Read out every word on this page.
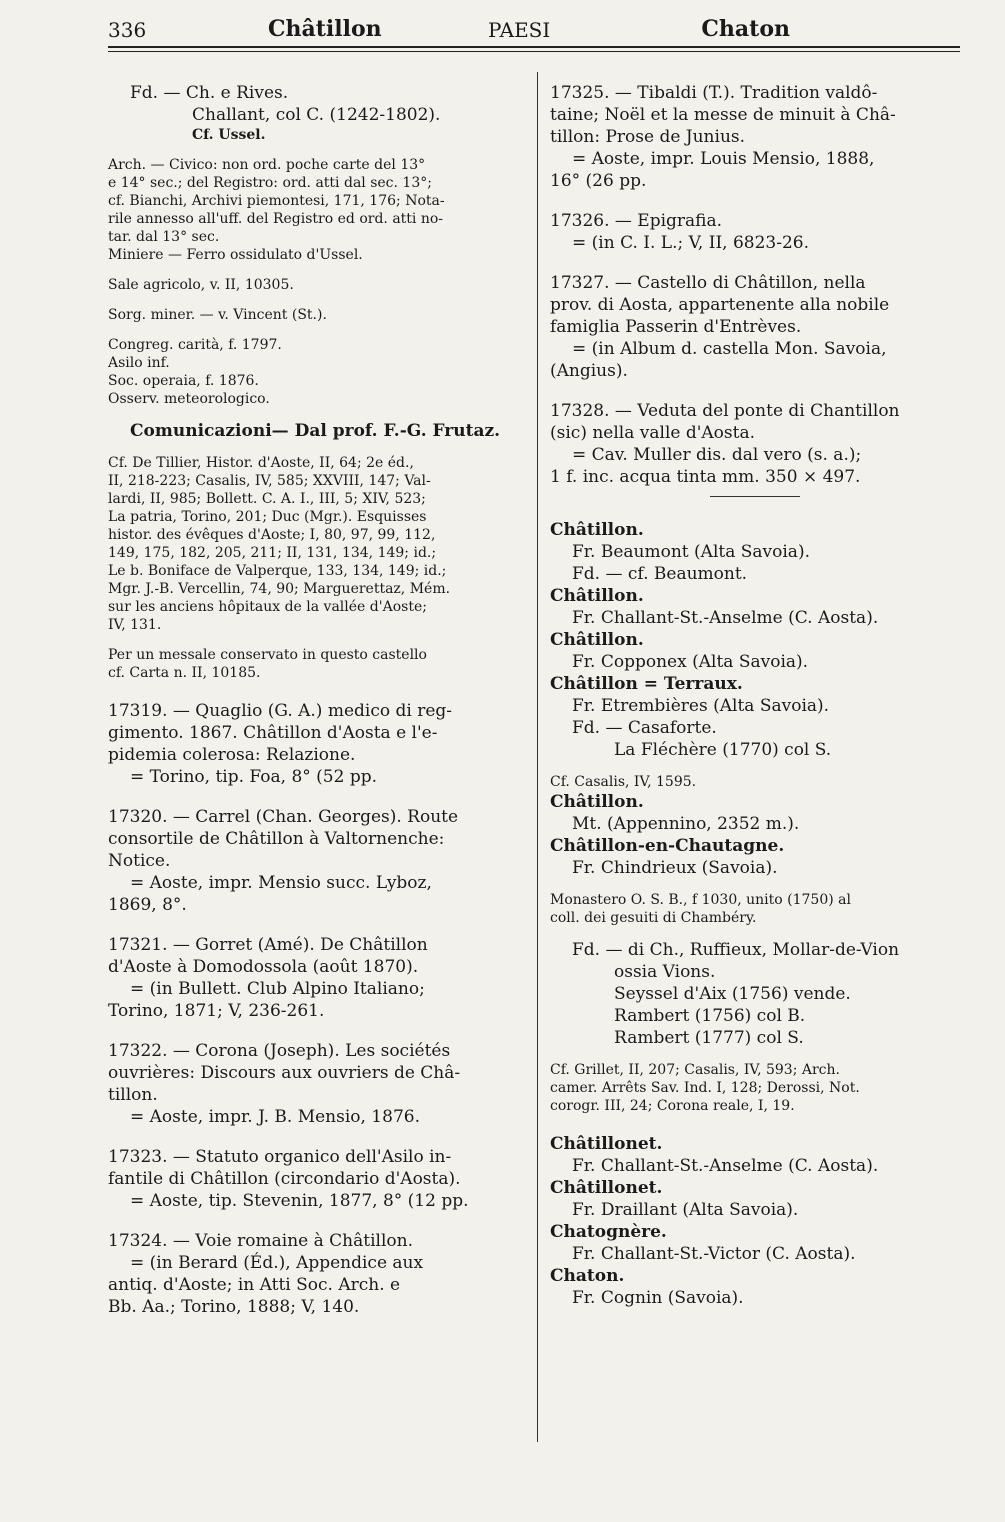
336	Châtillon	PAESI	Chaton
Fd. — Ch. e Rives.
Challant, col C. (1242-1802).
Cf. Ussel.
Arch. — Civico: non ord. poche carte del 13°
e 14° sec.; del Registro: ord. atti dal sec. 13°;
cf. Bianchi, Archivi piemontesi, 171, 176; Nota-
rile annesso all'uff. del Registro ed ord. atti no-
tar. dal 13° sec.
Miniere — Ferro ossidulato d'Ussel.
Sale agricolo, v. II, 10305.
Sorg. miner. — v. Vincent (St.).
Congreg. carità, f. 1797.
Asilo inf.
Soc. operaia, f. 1876.
Osserv. meteorologico.
Comunicazioni— Dal prof. F.-G. Frutaz.
Cf. De Tillier, Histor. d'Aoste, II, 64; 2e éd.,
II, 218-223; Casalis, IV, 585; XXVIII, 147; Val-
lardi, II, 985; Bollett. C. A. I., III, 5; XIV, 523;
La patria, Torino, 201; Duc (Mgr.). Esquisses
histor. des évêques d'Aoste; I, 80, 97, 99, 112,
149, 175, 182, 205, 211; II, 131, 134, 149; id.;
Le b. Boniface de Valperque, 133, 134, 149; id.;
Mgr. J.-B. Vercellin, 74, 90; Marguerettaz, Mém.
sur les anciens hôpitaux de la vallée d'Aoste;
IV, 131.
Per un messale conservato in questo castello
cf. Carta n. II, 10185.
17319. — Quaglio (G. A.) medico di reg-
gimento. 1867. Châtillon d'Aosta e l'e-
pidemia colerosa: Relazione.
= Torino, tip. Foa, 8° (52 pp.
17320. — Carrel (Chan. Georges). Route
consortile de Châtillon à Valtornenche:
Notice.
= Aoste, impr. Mensio succ. Lyboz,
1869, 8°.
17321. — Gorret (Amé). De Châtillon
d'Aoste à Domodossola (août 1870).
= (in Bullett. Club Alpino Italiano;
Torino, 1871; V, 236-261.
17322. — Corona (Joseph). Les sociétés
ouvrières: Discours aux ouvriers de Châ-
tillon.
= Aoste, impr. J. B. Mensio, 1876.
17323. — Statuto organico dell'Asilo in-
fantile di Châtillon (circondario d'Aosta).
= Aoste, tip. Stevenin, 1877, 8° (12 pp.
17324. — Voie romaine à Châtillon.
= (in Berard (Éd.), Appendice aux
antiq. d'Aoste; in Atti Soc. Arch. e
Bb. Aa.; Torino, 1888; V, 140.
17325. — Tibaldi (T.). Tradition valdô-
taine; Noël et la messe de minuit à Châ-
tillon: Prose de Junius.
= Aoste, impr. Louis Mensio, 1888,
16° (26 pp.
17326. — Epigrafia.
= (in C. I. L.; V, II, 6823-26.
17327. — Castello di Châtillon, nella
prov. di Aosta, appartenente alla nobile
famiglia Passerin d'Entrèves.
= (in Album d. castella Mon. Savoia,
(Angius).
17328. — Veduta del ponte di Chantillon
(sic) nella valle d'Aosta.
= Cav. Muller dis. dal vero (s. a.);
1 f. inc. acqua tinta mm. 350 × 497.
Châtillon.
Fr. Beaumont (Alta Savoia).
Fd. — cf. Beaumont.
Châtillon.
Fr. Challant-St.-Anselme (C. Aosta).
Châtillon.
Fr. Copponex (Alta Savoia).
Châtillon = Terraux.
Fr. Etrembières (Alta Savoia).
Fd. — Casaforte.
La Fléchère (1770) col S.
Cf. Casalis, IV, 1595.
Châtillon.
Mt. (Appennino, 2352 m.).
Châtillon-en-Chautagne.
Fr. Chindrieux (Savoia).
Monastero O. S. B., f 1030, unito (1750) al
coll. dei gesuiti di Chambéry.
Fd. — di Ch., Ruffieux, Mollar-de-Vion
ossia Vions.
Seyssel d'Aix (1756) vende.
Rambert (1756) col B.
Rambert (1777) col S.
Cf. Grillet, II, 207; Casalis, IV, 593; Arch.
camer. Arrêts Sav. Ind. I, 128; Derossi, Not.
corogr. III, 24; Corona reale, I, 19.
Châtillonet.
Fr. Challant-St.-Anselme (C. Aosta).
Châtillonet.
Fr. Draillant (Alta Savoia).
Chatognère.
Fr. Challant-St.-Victor (C. Aosta).
Chaton.
Fr. Cognin (Savoia).
